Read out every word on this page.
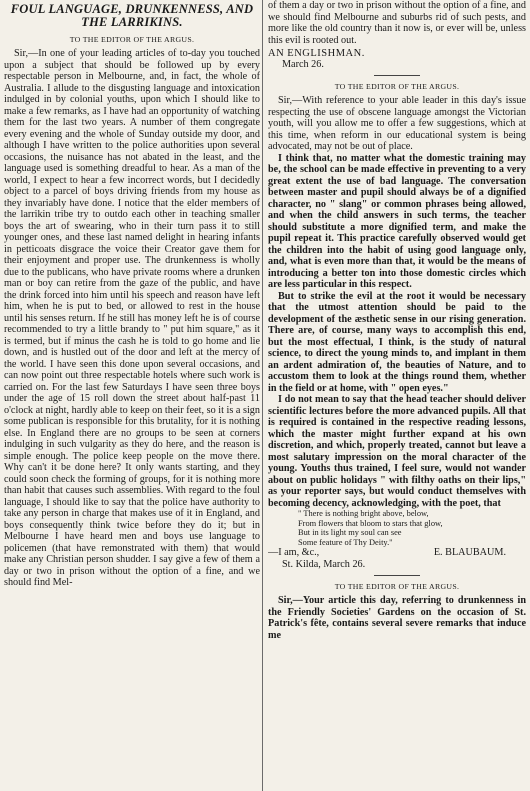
FOUL LANGUAGE, DRUNKENNESS, AND THE LARRIKINS.
TO THE EDITOR OF THE ARGUS.

Sir,—In one of your leading articles of to-day you touched upon a subject that should be followed up by every respectable person in Melbourne, and, in fact, the whole of Australia. I allude to the disgusting language and intoxication indulged in by colonial youths, upon which I should like to make a few remarks, as I have had an opportunity of watching them for the last two years. A number of them congregate every evening and the whole of Sunday outside my door, and although I have written to the police authorities upon several occasions, the nuisance has not abated in the least, and the language used is something dreadful to hear. As a man of the world, I expect to hear a few incorrect words, but I decidedly object to a parcel of boys driving friends from my house as they invariably have done. I notice that the elder members of the larrikin tribe try to outdo each other in teaching smaller boys the art of swearing, who in their turn pass it to still younger ones, and these last named delight in hearing infants in petticoats disgrace the voice their Creator gave them for their enjoyment and proper use. The drunkenness is wholly due to the publicans, who have private rooms where a drunken man or boy can retire from the gaze of the public, and have the drink forced into him until his speech and reason have left him, when he is put to bed, or allowed to rest in the house until his senses return. If he still has money left he is of course recommended to try a little brandy to " put him square," as it is termed, but if minus the cash he is told to go home and lie down, and is hustled out of the door and left at the mercy of the world. I have seen this done upon several occasions, and can now point out three respectable hotels where such work is carried on. For the last few Saturdays I have seen three boys under the age of 15 roll down the street about half-past 11 o'clock at night, hardly able to keep on their feet, so it is a sign some publican is responsible for this brutality, for it is nothing else. In England there are no groups to be seen at corners indulging in such vulgarity as they do here, and the reason is simple enough. The police keep people on the move there. Why can't it be done here? It only wants starting, and they could soon check the forming of groups, for it is nothing more than habit that causes such assemblies. With regard to the foul language, I should like to say that the police have authority to take any person in charge that makes use of it in England, and boys consequently think twice before they do it; but in Melbourne I have heard men and boys use language to policemen (that have remonstrated with them) that would make any Christian person shudder. I say give a few of them a day or two in prison without the option of a fine, and we should find Mel-

of them a day or two in prison without the option of a fine, and we should find Melbourne and suburbs rid of such pests, and more like the old country than it now is, or ever will be, unless this evil is rooted out.

AN ENGLISHMAN.
March 26.
TO THE EDITOR OF THE ARGUS.

Sir,—With reference to your able leader in this day's issue respecting the use of obscene language amongst the Victorian youth, will you allow me to offer a few suggestions, which at this time, when reform in our educational system is being advocated, may not be out of place.

I think that, no matter what the domestic training may be, the school can be made effective in preventing to a very great extent the use of bad language. The conversation between master and pupil should always be of a dignified character, no " slang" or common phrases being allowed, and when the child answers in such terms, the teacher should substitute a more dignified term, and make the pupil repeat it. This practice carefully observed would get the children into the habit of using good language only, and, what is even more than that, it would be the means of introducing a better ton into those domestic circles which are less particular in this respect.

But to strike the evil at the root it would be necessary that the utmost attention should be paid to the development of the æsthetic sense in our rising generation. There are, of course, many ways to accomplish this end, but the most effectual, I think, is the study of natural science, to direct the young minds to, and implant in them an ardent admiration of, the beauties of Nature, and to accustom them to look at the things round them, whether in the field or at home, with " open eyes."

I do not mean to say that the head teacher should deliver scientific lectures before the more advanced pupils. All that is required is contained in the respective reading lessons, which the master might further expand at his own discretion, and which, properly treated, cannot but leave a most salutary impression on the moral character of the young. Youths thus trained, I feel sure, would not wander about on public holidays " with filthy oaths on their lips," as your reporter says, but would conduct themselves with becoming decency, acknowledging, with the poet, that

" There is nothing bright above, below,
From flowers that bloom to stars that glow,
But in its light my soul can see
Some feature of Thy Deity."
—I am, &c.,	E. BLAUBAUM.
St. Kilda, March 26.
TO THE EDITOR OF THE ARGUS.

Sir,—Your article this day, referring to drunkenness in the Friendly Societies' Gardens on the occasion of St. Patrick's fête, contains several severe remarks that induce me
